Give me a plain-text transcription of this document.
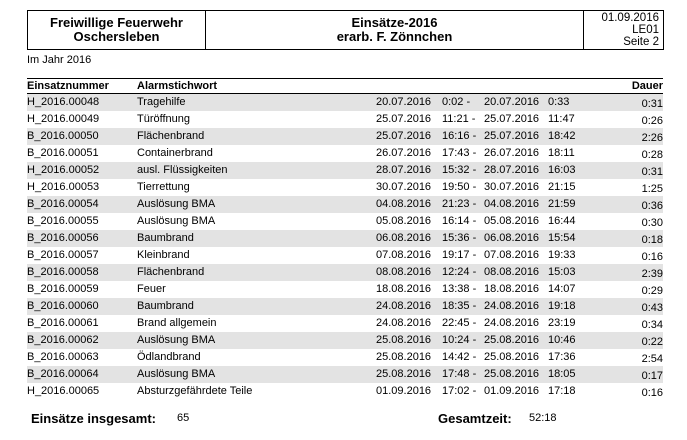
Freiwillige Feuerwehr
Oschersleben
Einsätze-2016
erarb. F. Zönnchen
01.09.2016
LE01
Seite 2
Im Jahr 2016
Einsatznummer	Alarmstichwort	Dauer
H_2016.00048	Tragehilfe	20.07.2016 0:02 - 20.07.2016 0:33	0:31
H_2016.00049	Türöffnung	25.07.2016 11:21 - 25.07.2016 11:47	0:26
B_2016.00050	Flächenbrand	25.07.2016 16:16 - 25.07.2016 18:42	2:26
B_2016.00051	Containerbrand	26.07.2016 17:43 - 26.07.2016 18:11	0:28
H_2016.00052	ausl. Flüssigkeiten	28.07.2016 15:32 - 28.07.2016 16:03	0:31
H_2016.00053	Tierrettung	30.07.2016 19:50 - 30.07.2016 21:15	1:25
B_2016.00054	Auslösung BMA	04.08.2016 21:23 - 04.08.2016 21:59	0:36
B_2016.00055	Auslösung BMA	05.08.2016 16:14 - 05.08.2016 16:44	0:30
B_2016.00056	Baumbrand	06.08.2016 15:36 - 06.08.2016 15:54	0:18
B_2016.00057	Kleinbrand	07.08.2016 19:17 - 07.08.2016 19:33	0:16
B_2016.00058	Flächenbrand	08.08.2016 12:24 - 08.08.2016 15:03	2:39
B_2016.00059	Feuer	18.08.2016 13:38 - 18.08.2016 14:07	0:29
B_2016.00060	Baumbrand	24.08.2016 18:35 - 24.08.2016 19:18	0:43
B_2016.00061	Brand allgemein	24.08.2016 22:45 - 24.08.2016 23:19	0:34
B_2016.00062	Auslösung BMA	25.08.2016 10:24 - 25.08.2016 10:46	0:22
B_2016.00063	Ödlandbrand	25.08.2016 14:42 - 25.08.2016 17:36	2:54
B_2016.00064	Auslösung BMA	25.08.2016 17:48 - 25.08.2016 18:05	0:17
H_2016.00065	Absturzgefährdete Teile	01.09.2016 17:02 - 01.09.2016 17:18	0:16
Einsätze insgesamt: 65	Gesamtzeit: 52:18
